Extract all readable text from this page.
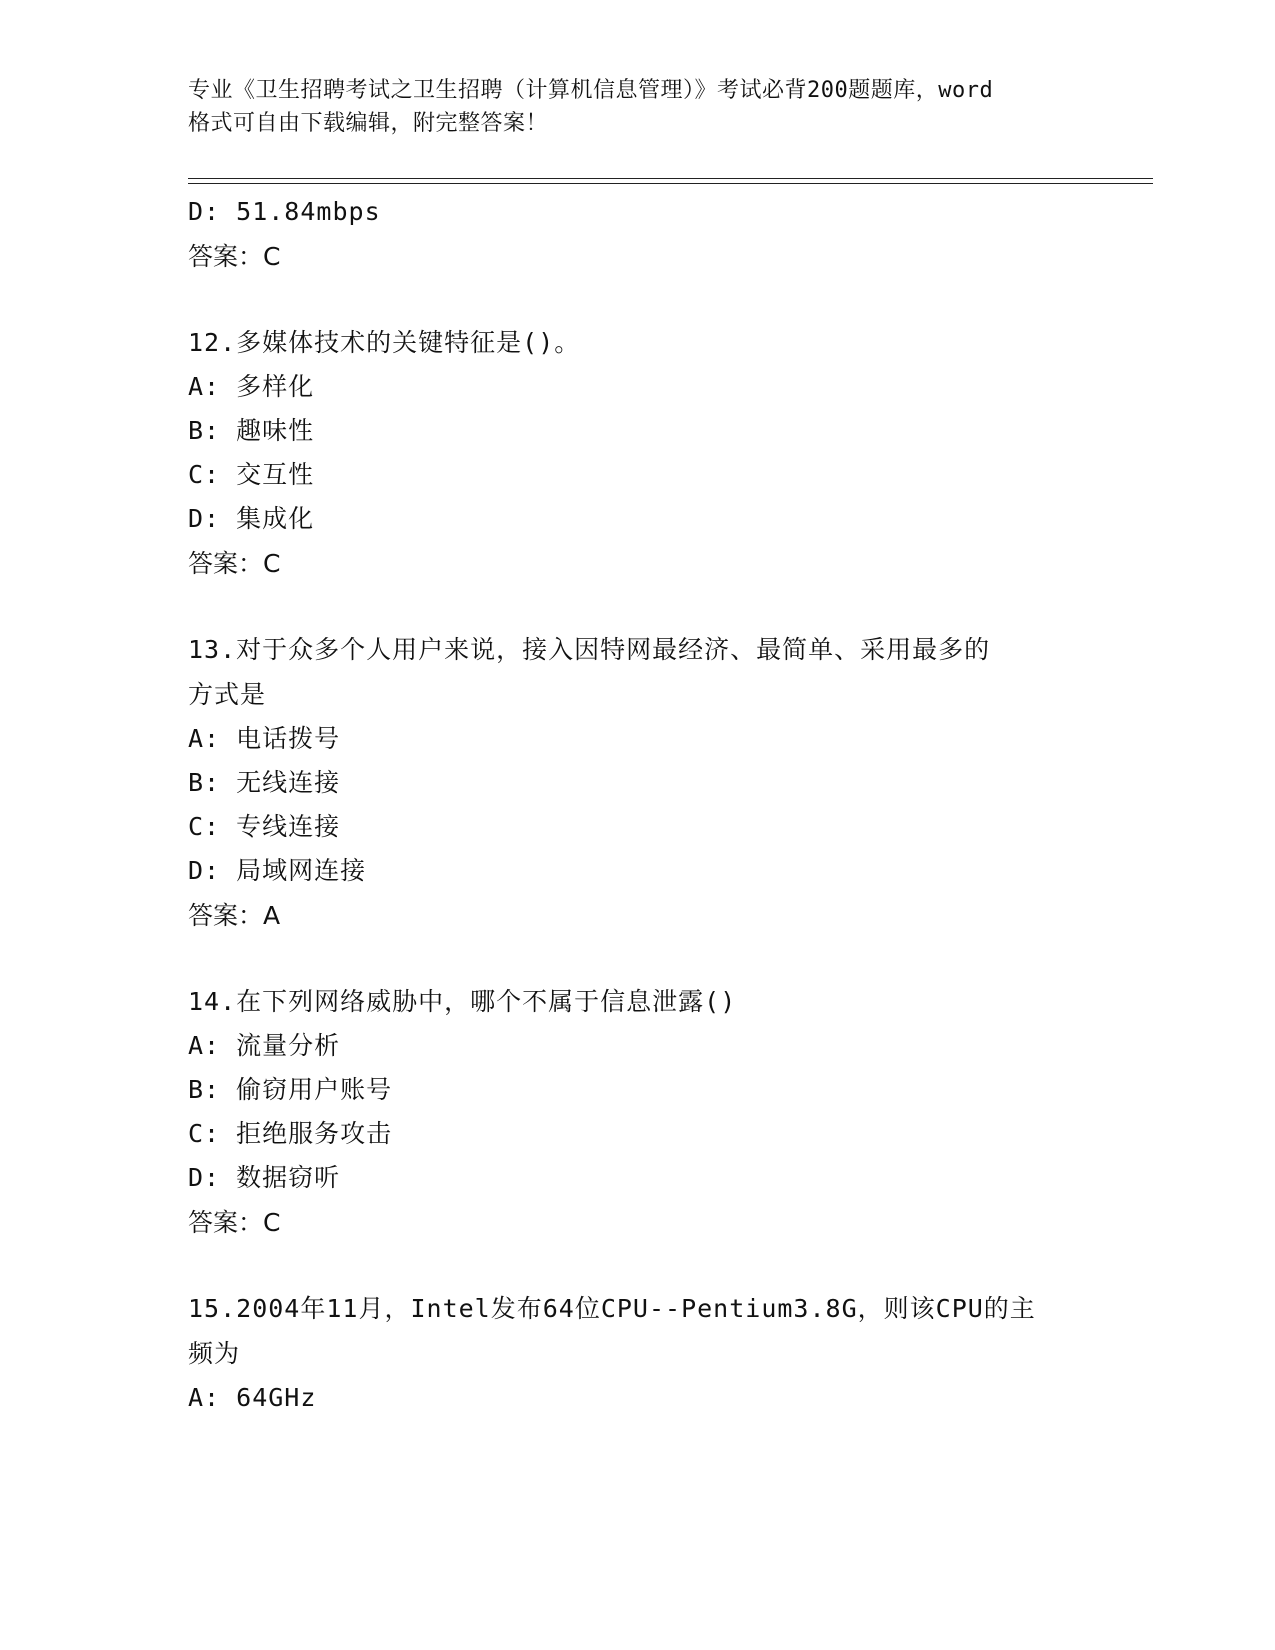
专业《卫生招聘考试之卫生招聘（计算机信息管理）》考试必背200题题库，word
格式可自由下载编辑，附完整答案！
D: 51.84mbps
答案：C
12.多媒体技术的关键特征是()。
A: 多样化
B: 趣味性
C: 交互性
D: 集成化
答案：C
13.对于众多个人用户来说，接入因特网最经济、最简单、采用最多的
方式是
A: 电话拨号
B: 无线连接
C: 专线连接
D: 局域网连接
答案：A
14.在下列网络威胁中，哪个不属于信息泄露()
A: 流量分析
B: 偷窃用户账号
C: 拒绝服务攻击
D: 数据窃听
答案：C
15.2004年11月，Intel发布64位CPU--Pentium3.8G，则该CPU的主
频为
A: 64GHz
